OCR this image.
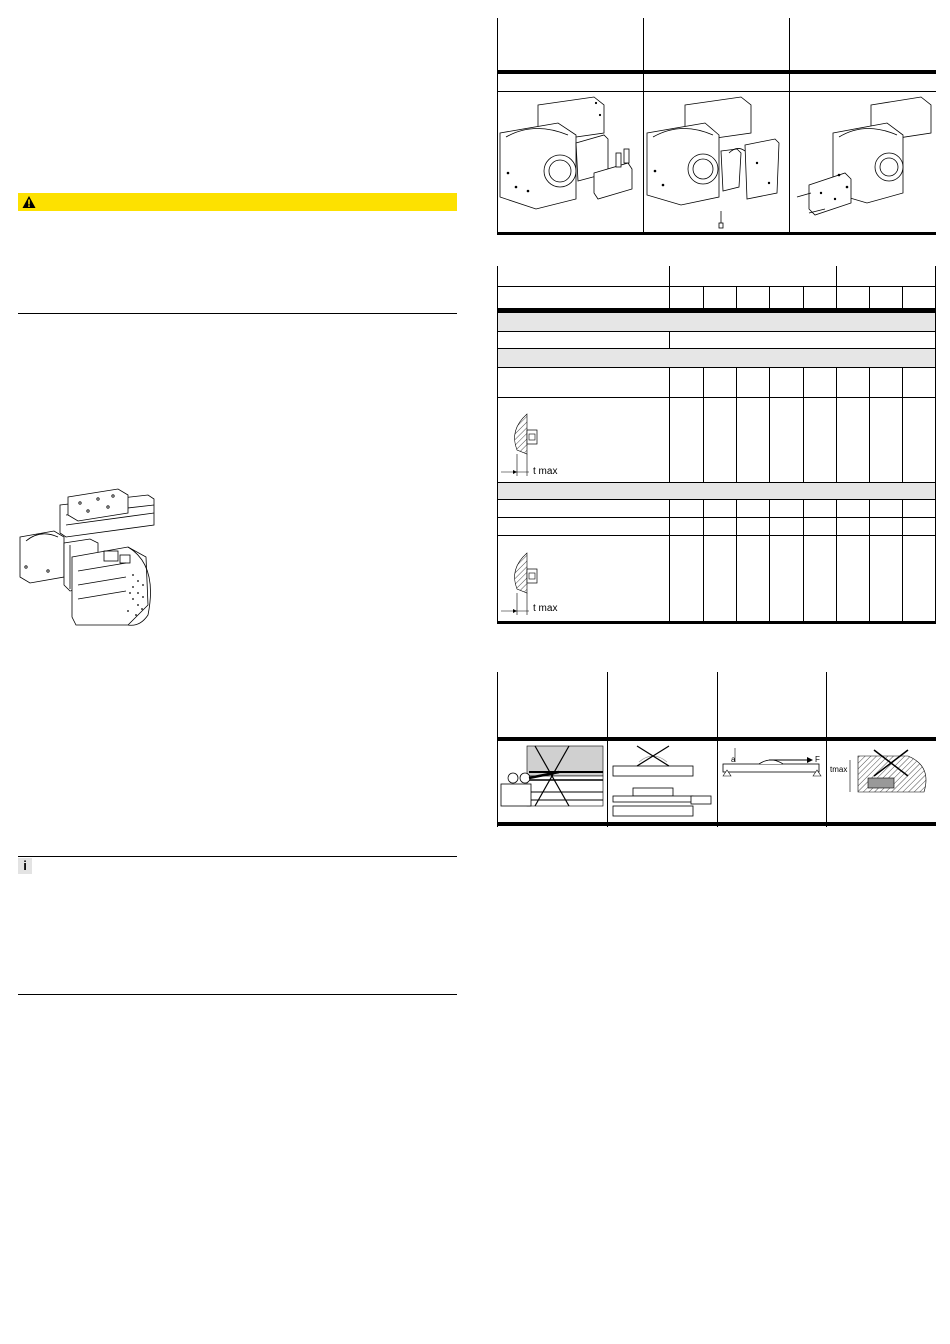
i
t max
t max
F
a
tmax
